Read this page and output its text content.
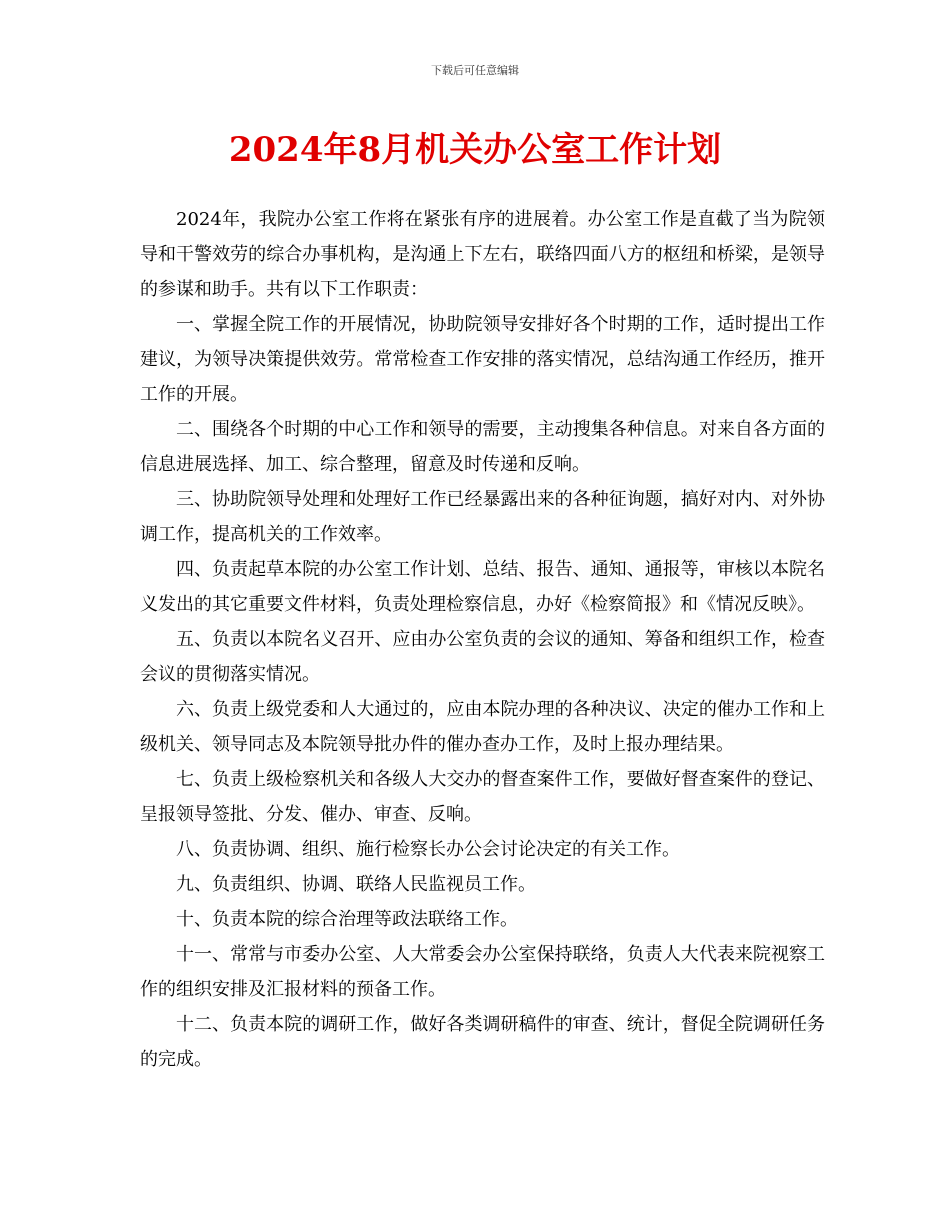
下载后可任意编辑
2024年8月机关办公室工作计划

2024年，我院办公室工作将在紧张有序的进展着。办公室工作是直截了当为院领导和干警效劳的综合办事机构，是沟通上下左右，联络四面八方的枢纽和桥梁，是领导的参谋和助手。共有以下工作职责：

一、掌握全院工作的开展情况，协助院领导安排好各个时期的工作，适时提出工作建议，为领导决策提供效劳。常常检查工作安排的落实情况，总结沟通工作经历，推开工作的开展。

二、围绕各个时期的中心工作和领导的需要，主动搜集各种信息。对来自各方面的信息进展选择、加工、综合整理，留意及时传递和反响。

三、协助院领导处理和处理好工作已经暴露出来的各种征询题，搞好对内、对外协调工作，提高机关的工作效率。

四、负责起草本院的办公室工作计划、总结、报告、通知、通报等，审核以本院名义发出的其它重要文件材料，负责处理检察信息，办好《检察简报》和《情况反映》。

五、负责以本院名义召开、应由办公室负责的会议的通知、筹备和组织工作，检查会议的贯彻落实情况。

六、负责上级党委和人大通过的，应由本院办理的各种决议、决定的催办工作和上级机关、领导同志及本院领导批办件的催办查办工作，及时上报办理结果。

七、负责上级检察机关和各级人大交办的督查案件工作，要做好督查案件的登记、呈报领导签批、分发、催办、审查、反响。

八、负责协调、组织、施行检察长办公会讨论决定的有关工作。

九、负责组织、协调、联络人民监视员工作。

十、负责本院的综合治理等政法联络工作。

十一、常常与市委办公室、人大常委会办公室保持联络，负责人大代表来院视察工作的组织安排及汇报材料的预备工作。

十二、负责本院的调研工作，做好各类调研稿件的审查、统计，督促全院调研任务的完成。
